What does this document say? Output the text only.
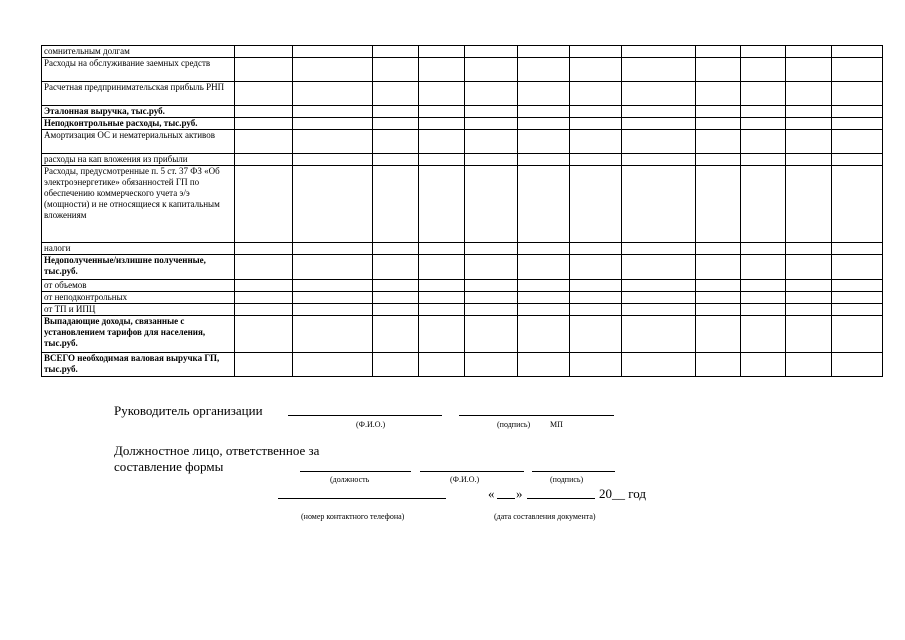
сомнительным долгам												
Расходы на обслуживание заемных средств												
Расчетная предпринимательская прибыль РНП												
Эталонная выручка, тыс.руб.												
Неподконтрольные расходы, тыс.руб.												
Амортизация ОС и нематериальных активов												
расходы на кап вложения из прибыли												
Расходы, предусмотренные п. 5 ст. 37 ФЗ «Об электроэнергетике» обязанностей ГП по обеспечению коммерческого учета э/э (мощности) и не относящиеся к капитальным вложениям												
налоги												
Недополученные/излишне полученные, тыс.руб.												
от объемов												
от неподконтрольных												
от ТП и ИПЦ												
Выпадающие доходы, связанные с установлением тарифов для населения, тыс.руб.												
ВСЕГО необходимая валовая выручка ГП, тыс.руб.												
Руководитель организации
(Ф.И.О.)	(подпись) МП
Должностное лицо, ответственное за
составление формы
(должность	(Ф.И.О.)	(подпись)
« »	20__ год
(номер контактного телефона)	(дата составления документа)
